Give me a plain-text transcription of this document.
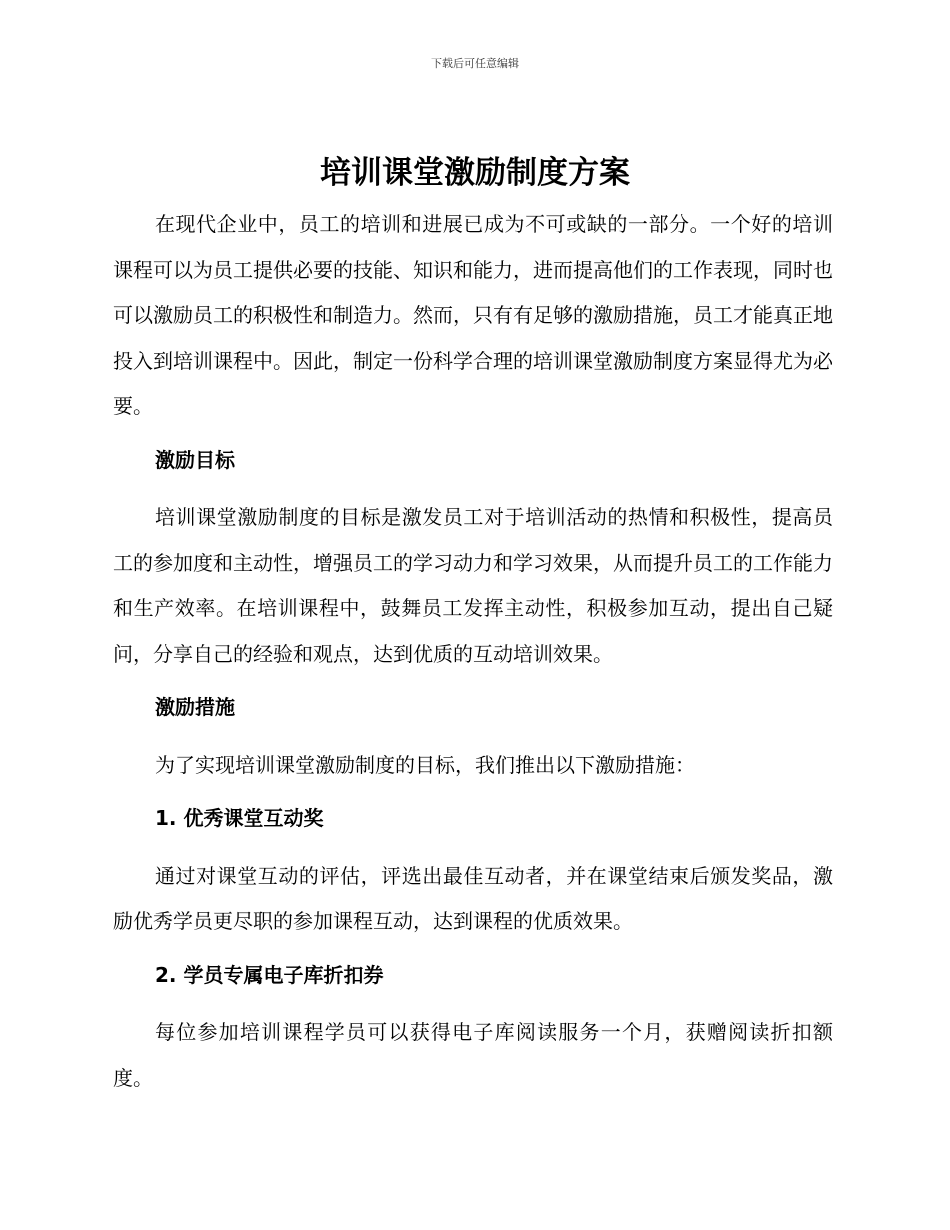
下载后可任意编辑
培训课堂激励制度方案

在现代企业中，员工的培训和进展已成为不可或缺的一部分。一个好的培训课程可以为员工提供必要的技能、知识和能力，进而提高他们的工作表现，同时也可以激励员工的积极性和制造力。然而，只有有足够的激励措施，员工才能真正地投入到培训课程中。因此，制定一份科学合理的培训课堂激励制度方案显得尤为必要。

激励目标

培训课堂激励制度的目标是激发员工对于培训活动的热情和积极性，提高员工的参加度和主动性，增强员工的学习动力和学习效果，从而提升员工的工作能力和生产效率。在培训课程中，鼓舞员工发挥主动性，积极参加互动，提出自己疑问，分享自己的经验和观点，达到优质的互动培训效果。

激励措施

为了实现培训课堂激励制度的目标，我们推出以下激励措施：

1. 优秀课堂互动奖

通过对课堂互动的评估，评选出最佳互动者，并在课堂结束后颁发奖品，激励优秀学员更尽职的参加课程互动，达到课程的优质效果。

2. 学员专属电子库折扣券

每位参加培训课程学员可以获得电子库阅读服务一个月，获赠阅读折扣额度。
